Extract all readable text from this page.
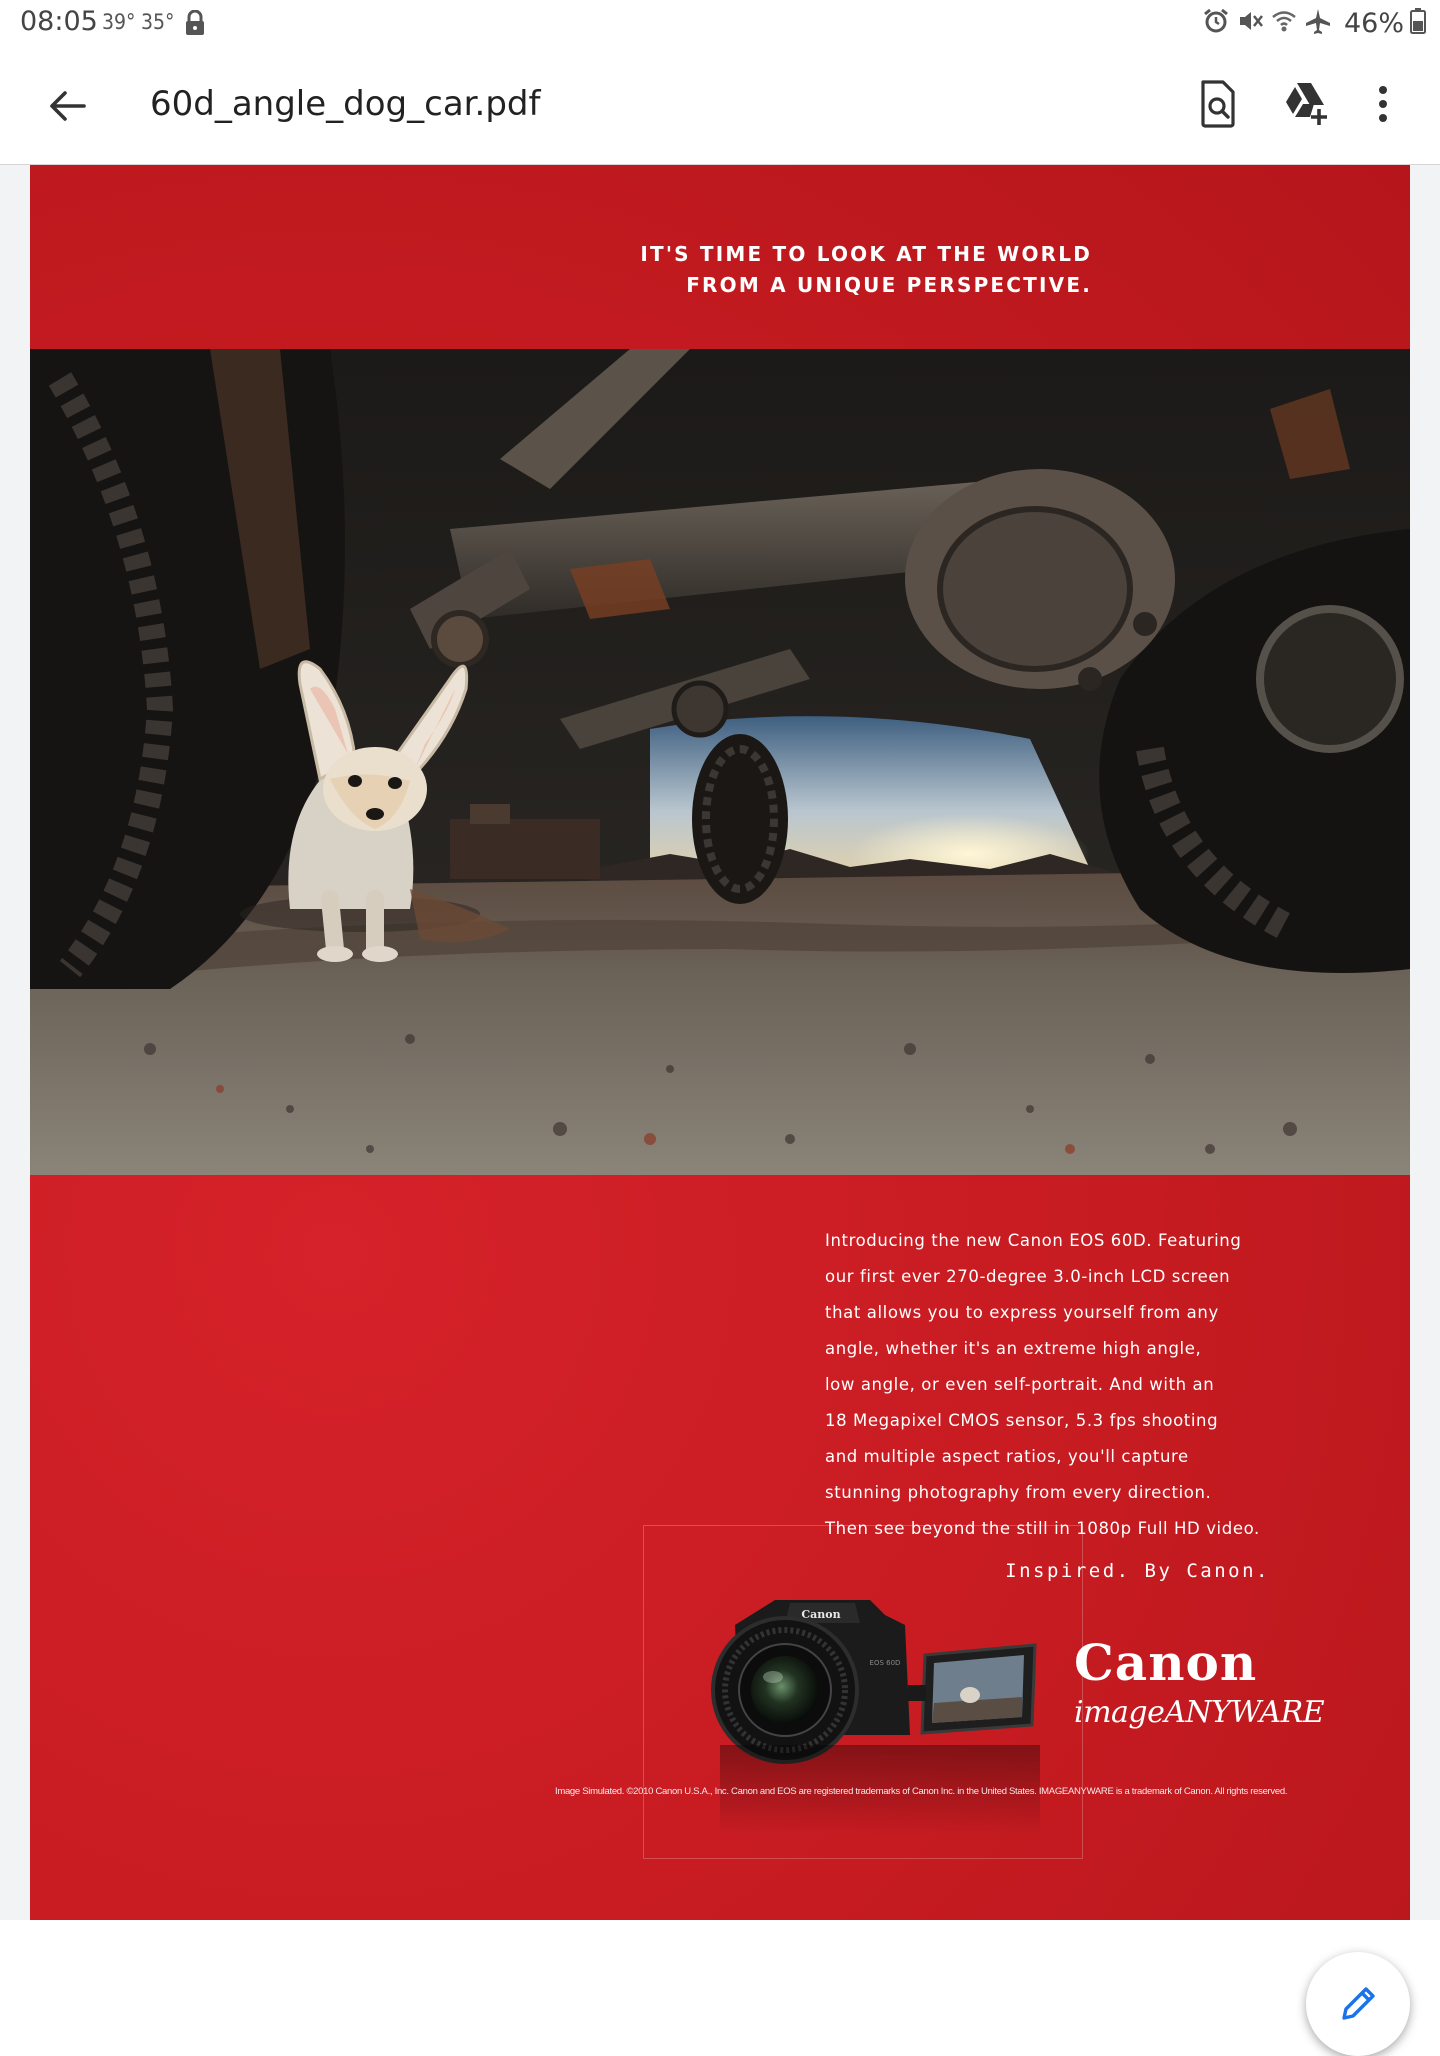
08:05 39° 35°	46%
60d_angle_dog_car.pdf
IT'S TIME TO LOOK AT THE WORLD
FROM A UNIQUE PERSPECTIVE.
Introducing the new Canon EOS 60D. Featuring
our first ever 270-degree 3.0-inch LCD screen
that allows you to express yourself from any
angle, whether it's an extreme high angle,
low angle, or even self-portrait. And with an
18 Megapixel CMOS sensor, 5.3 fps shooting
and multiple aspect ratios, you'll capture
stunning photography from every direction.
Then see beyond the still in 1080p Full HD video.
Inspired. By Canon.
Canon
EOS 60D	Canon
imageANYWARE
Image Simulated. ©2010 Canon U.S.A., Inc. Canon and EOS are registered trademarks of Canon Inc. in the United States. IMAGEANYWARE is a trademark of Canon. All rights reserved.
